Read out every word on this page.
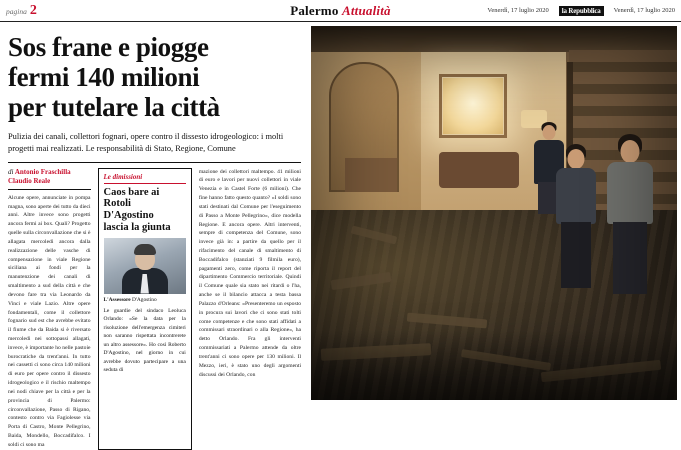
pagina 2	Palermo Attualità	Venerdì, 17 luglio 2020	la Repubblica	Venerdì, 17 luglio 2020
Sos frane e piogge
fermi 140 milioni
per tutelare la città
Pulizia dei canali, collettori fognari, opere contro il dissesto idrogeologico: i molti progetti mai realizzati. Le responsabilità di Stato, Regione, Comune
di Antonio Fraschilla
Claudio Reale
Alcune opere, annunciate in pompa magna, sono aperte dei tutto da dieci anni. Altre invece sono progetti ancora fermi ai box. Quali? Progetto quelle sulla circonvallazione che si è allagata mercoledì ancora dalla realizzazione delle vasche di compensazione in viale Regione siciliana ai fondi per la manutenzione dei canali di smaltimento a sud della città e che devono fare tra via Leonardo da Vinci e viale Lazio. Altre opere fondamentali, come il collettore fognario sud est che avrebbe evitato il fiume che da Baida si è riversato mercoledì nei sottopassi allagati, invece, è importante ho nelle pastoie burocratiche da trent'anni. In tutto nei cassetti ci sono circa 140 milioni di euro per opere contro il dissesto idrogeologico e il rischio maltempo nei nodi chiave per la città e per la provincia di Palermo: circonvallazione, Passo di Rigano, contesto contro via Fagiolesse via Porta di Castro, Monte Pellegrino, Baida, Mondello, Boccadifalco. I soldi ci sono ma
Le dimissioni
Caos bare ai Rotoli
D'Agostino
lascia la giunta
L'Assessore D'Agostino
Le guardie del sindaco Leoluca Orlando: «Se la data per la risoluzione dell'emergenza cimiteri non saranno rispettata incontrerete un altro assessore». Ho così Roberto D'Agostino, nel giorno in cui avrebbe dovuto partecipare a una seduta di
mazione dei collettori maltempo. 41 milioni di euro e lavori per nuovi collettori in viale Venezia e in Castel Forte (6 milioni). Che fine hanno fatto questo quanto? «I soldi sono stati destinati dal Comune per l'eseguimento di Passo a Monte Pellegrino», dice modella Regione. E ancora opere. Altri interventi, sempre di competenza del Comune, sono invece già in: a partire da quello per il rifacimento del canale di smaltimento di Boccadifalco (stanziati 9 filmila euro), pagamenti zero, come riporta il report del dipartimento Commercio territoriale. Quindi il Comune quale sia stato nei ritardi o l'ha, anche se il bilancio attacca a testa bassa Palazzo d'Orleans: «Presenteremo un esposto in procura sui lavori che ci sono stati tolti come competenze e che sono stati affidati a commissari straordinari o alla Regione», ha detto Orlando. Fra gli interventi commissariati a Palermo attende da oltre trent'anni ci sono opere per 130 milioni. Il Mezzo, ieri, è stato uno degli argomenti discussi dei Orlando, con
